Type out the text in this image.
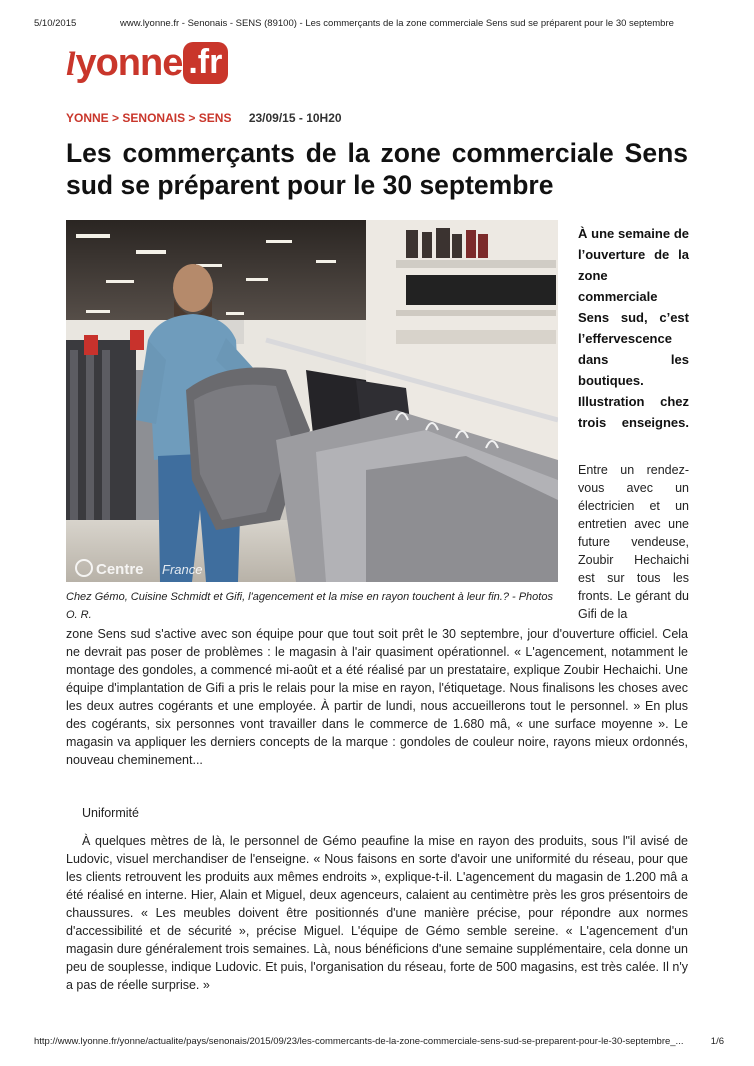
5/10/2015	www.lyonne.fr - Senonais - SENS (89100) - Les commerçants de la zone commerciale Sens sud se préparent pour le 30 septembre
lyonne .fr
YONNE > SENONAIS > SENS 23/09/15 - 10H20
Les commerçants de la zone commerciale Sens sud se préparent pour le 30 septembre
Centre France

Chez Gémo, Cuisine Schmidt et Gifi, l'agencement et la mise en rayon touchent à leur fin.? - Photos O. R.

À une semaine de l’ouverture de la zone commerciale Sens sud, c’est l’effervescence dans les boutiques. Illustration chez trois enseignes.

Entre un rendez-vous avec un électricien et un entretien avec une future vendeuse, Zoubir Hechaichi est sur tous les fronts. Le gérant du Gifi de la

zone Sens sud s'active avec son équipe pour que tout soit prêt le 30 septembre, jour d'ouverture officiel. Cela ne devrait pas poser de problèmes : le magasin à l'air quasiment opérationnel. « L'agencement, notamment le montage des gondoles, a commencé mi-août et a été réalisé par un prestataire, explique Zoubir Hechaichi. Une équipe d'implantation de Gifi a pris le relais pour la mise en rayon, l'étiquetage. Nous finalisons les choses avec les deux autres cogérants et une employée. À partir de lundi, nous accueillerons tout le personnel. » En plus des cogérants, six personnes vont travailler dans le commerce de 1.680 mâ, « une surface moyenne ». Le magasin va appliquer les derniers concepts de la marque : gondoles de couleur noire, rayons mieux ordonnés, nouveau cheminement...

Uniformité

À quelques mètres de là, le personnel de Gémo peaufine la mise en rayon des produits, sous l"il avisé de Ludovic, visuel merchandiser de l'enseigne. « Nous faisons en sorte d'avoir une uniformité du réseau, pour que les clients retrouvent les produits aux mêmes endroits », explique-t-il. L'agencement du magasin de 1.200 mâ a été réalisé en interne. Hier, Alain et Miguel, deux agenceurs, calaient au centimètre près les gros présentoirs de chaussures. « Les meubles doivent être positionnés d'une manière précise, pour répondre aux normes d'accessibilité et de sécurité », précise Miguel. L'équipe de Gémo semble sereine. « L'agencement d'un magasin dure généralement trois semaines. Là, nous bénéficions d'une semaine supplémentaire, cela donne un peu de souplesse, indique Ludovic. Et puis, l'organisation du réseau, forte de 500 magasins, est très calée. Il n'y a pas de réelle surprise. »

http://www.lyonne.fr/yonne/actualite/pays/senonais/2015/09/23/les-commercants-de-la-zone-commerciale-sens-sud-se-preparent-pour-le-30-septembre_...	1/6
